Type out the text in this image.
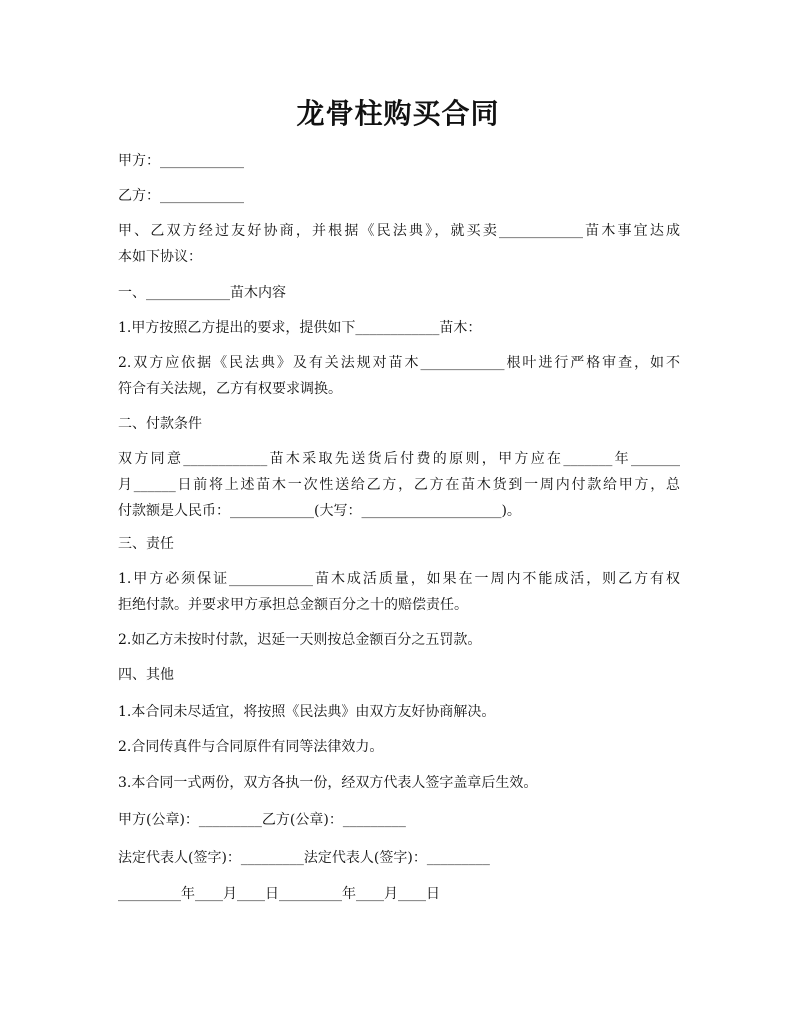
龙骨柱购买合同
甲方：____________
乙方：____________
甲、乙双方经过友好协商，并根据《民法典》，就买卖____________苗木事宜达成
本如下协议：
一、____________苗木内容
1.甲方按照乙方提出的要求，提供如下____________苗木：
2.双方应依据《民法典》及有关法规对苗木____________根叶进行严格审查，如不
符合有关法规，乙方有权要求调换。
二、付款条件
双方同意____________苗木采取先送货后付费的原则，甲方应在_______年_______
月______日前将上述苗木一次性送给乙方，乙方在苗木货到一周内付款给甲方，总
付款额是人民币：____________(大写：____________________)。
三、责任
1.甲方必须保证____________苗木成活质量，如果在一周内不能成活，则乙方有权
拒绝付款。并要求甲方承担总金额百分之十的赔偿责任。
2.如乙方未按时付款，迟延一天则按总金额百分之五罚款。
四、其他
1.本合同未尽适宜，将按照《民法典》由双方友好协商解决。
2.合同传真件与合同原件有同等法律效力。
3.本合同一式两份，双方各执一份，经双方代表人签字盖章后生效。
甲方(公章)：_________乙方(公章)：_________
法定代表人(签字)：_________法定代表人(签字)：_________
_________年____月____日_________年____月____日
